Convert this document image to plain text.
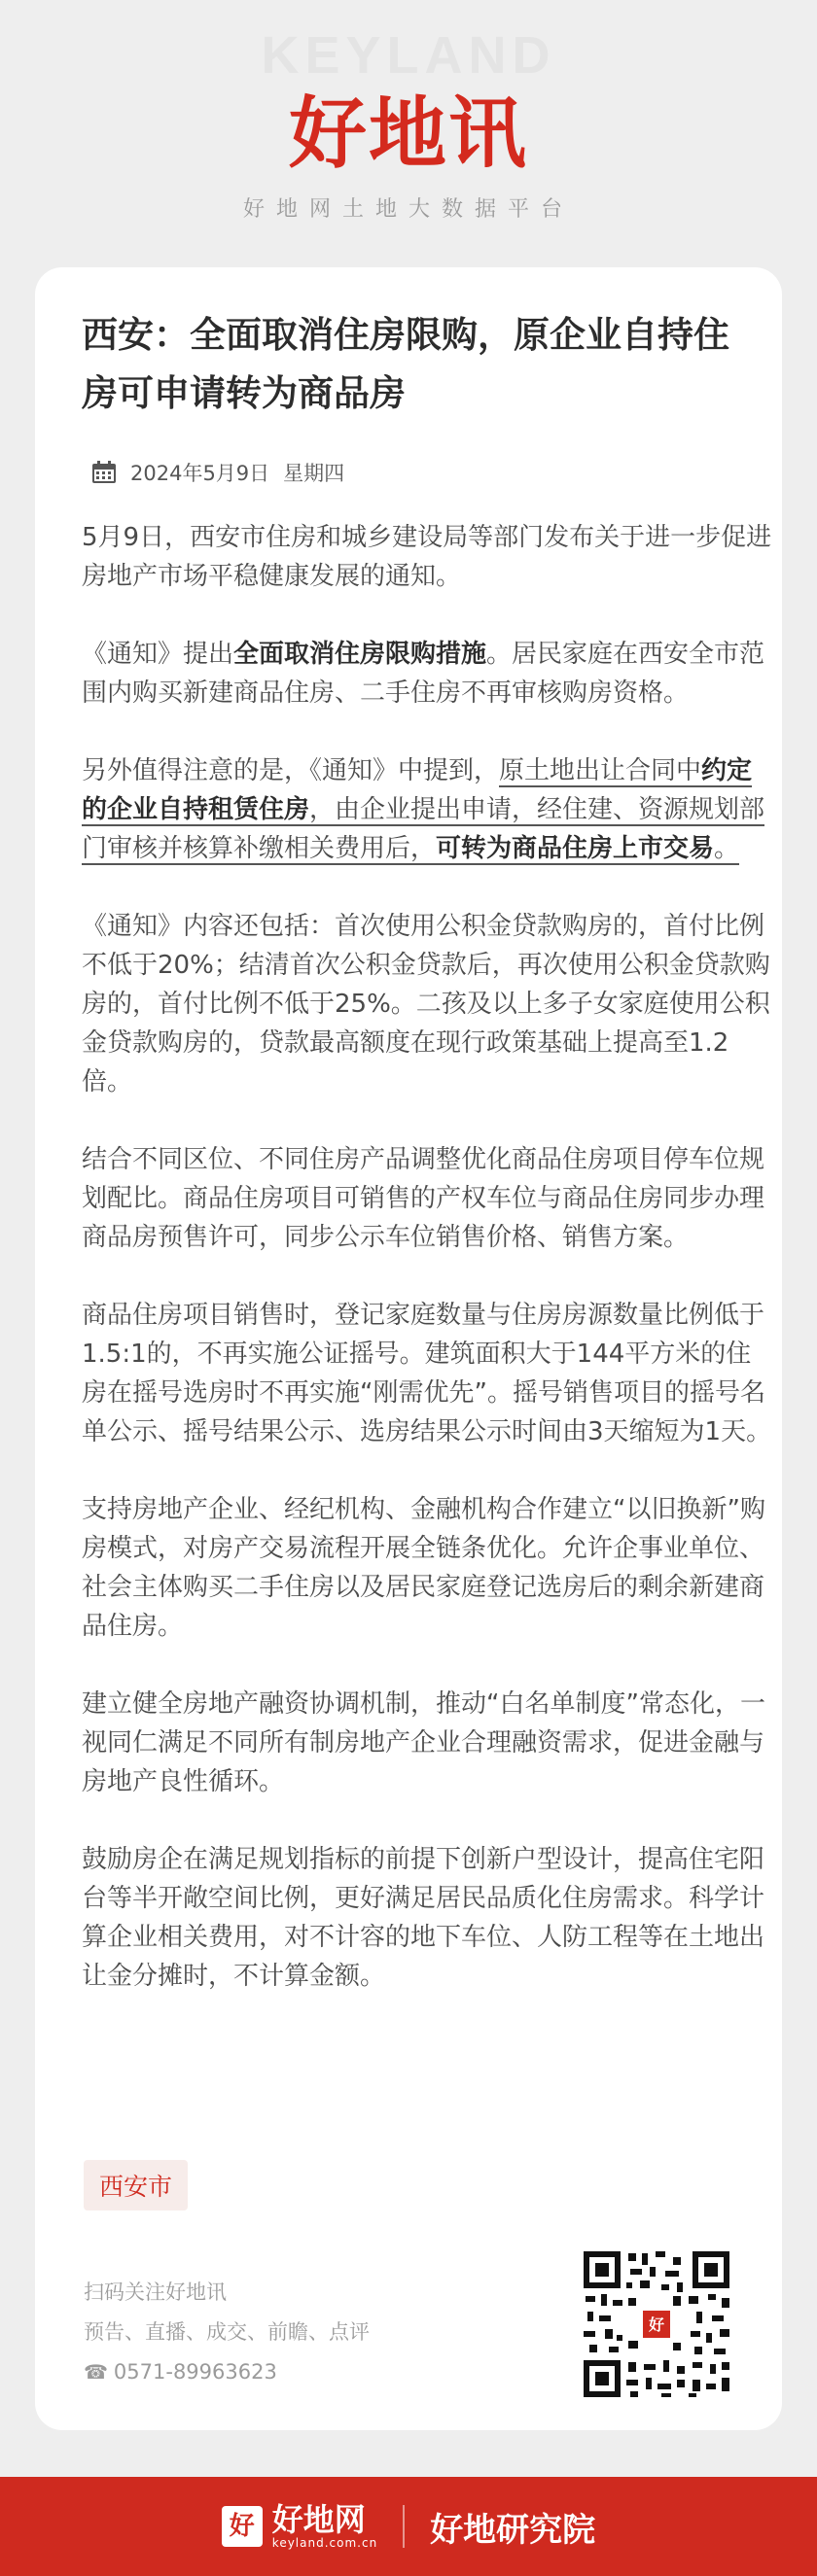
KEYLAND
好地讯
好地网土地大数据平台
西安：全面取消住房限购，原企业自持住房可申请转为商品房
2024年5月9日 星期四

5月9日，西安市住房和城乡建设局等部门发布关于进一步促进房地产市场平稳健康发展的通知。

《通知》提出全面取消住房限购措施。居民家庭在西安全市范围内购买新建商品住房、二手住房不再审核购房资格。

另外值得注意的是，《通知》中提到，原土地出让合同中约定的企业自持租赁住房，由企业提出申请，经住建、资源规划部门审核并核算补缴相关费用后，可转为商品住房上市交易。

《通知》内容还包括：首次使用公积金贷款购房的，首付比例不低于20%；结清首次公积金贷款后，再次使用公积金贷款购房的，首付比例不低于25%。二孩及以上多子女家庭使用公积金贷款购房的，贷款最高额度在现行政策基础上提高至1.2倍。

结合不同区位、不同住房产品调整优化商品住房项目停车位规划配比。商品住房项目可销售的产权车位与商品住房同步办理商品房预售许可，同步公示车位销售价格、销售方案。

商品住房项目销售时，登记家庭数量与住房房源数量比例低于1.5:1的，不再实施公证摇号。建筑面积大于144平方米的住房在摇号选房时不再实施“刚需优先”。摇号销售项目的摇号名单公示、摇号结果公示、选房结果公示时间由3天缩短为1天。

支持房地产企业、经纪机构、金融机构合作建立“以旧换新”购房模式，对房产交易流程开展全链条优化。允许企事业单位、社会主体购买二手住房以及居民家庭登记选房后的剩余新建商品住房。

建立健全房地产融资协调机制，推动“白名单制度”常态化，一视同仁满足不同所有制房地产企业合理融资需求，促进金融与房地产良性循环。

鼓励房企在满足规划指标的前提下创新户型设计，提高住宅阳台等半开敞空间比例，更好满足居民品质化住房需求。科学计算企业相关费用，对不计容的地下车位、人防工程等在土地出让金分摊时，不计算金额。

西安市
扫码关注好地讯
预告、直播、成交、前瞻、点评
☎ 0571-89963623
好
好 好地网
keyland.com.cn 好地研究院
